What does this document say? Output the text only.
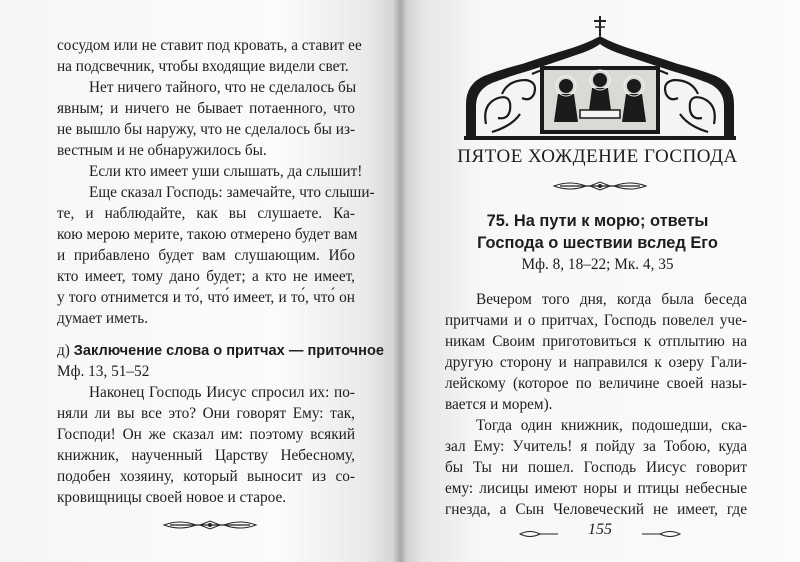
сосудом или не ставит под кровать, а ставит ее
на подсвечник, чтобы входящие видели свет.
Нет ничего тайного, что не сделалось бы
явным; и ничего не бывает потаенного, что
не вышло бы наружу, что не сделалось бы из-
вестным и не обнаружилось бы.
Если кто имеет уши слышать, да слышит!
Еще сказал Господь: замечайте, что слыши-
те, и наблюдайте, как вы слушаете. Ка-
кою мерою мерите, такою отмерено будет вам
и прибавлено будет вам слушающим. Ибо
кто имеет, тому дано будет; а кто не имеет,
у того отнимется и то́, что́ имеет, и то́, что́ он
думает иметь.
д) Заключение слова о притчах — приточное
Мф. 13, 51–52
Наконец Господь Иисус спросил их: по-
няли ли вы все это? Они говорят Ему: так,
Господи! Он же сказал им: поэтому всякий
книжник, наученный Царству Небесному,
подобен хозяину, который выносит из со-
кровищницы своей новое и старое.
ПЯТОЕ ХОЖДЕНИЕ ГОСПОДА
75. На пути к морю; ответы
Господа о шествии вслед Его
Мф. 8, 18–22; Мк. 4, 35
Вечером того дня, когда была беседа
притчами и о притчах, Господь повелел уче-
никам Своим приготовиться к отплытию на
другую сторону и направился к озеру Гали-
лейскому (которое по величине своей назы-
вается и морем).
Тогда один книжник, подошедши, ска-
зал Ему: Учитель! я пойду за Тобою, куда
бы Ты ни пошел. Господь Иисус говорит
ему: лисицы имеют норы и птицы небесные
гнезда, а Сын Человеческий не имеет, где
155
